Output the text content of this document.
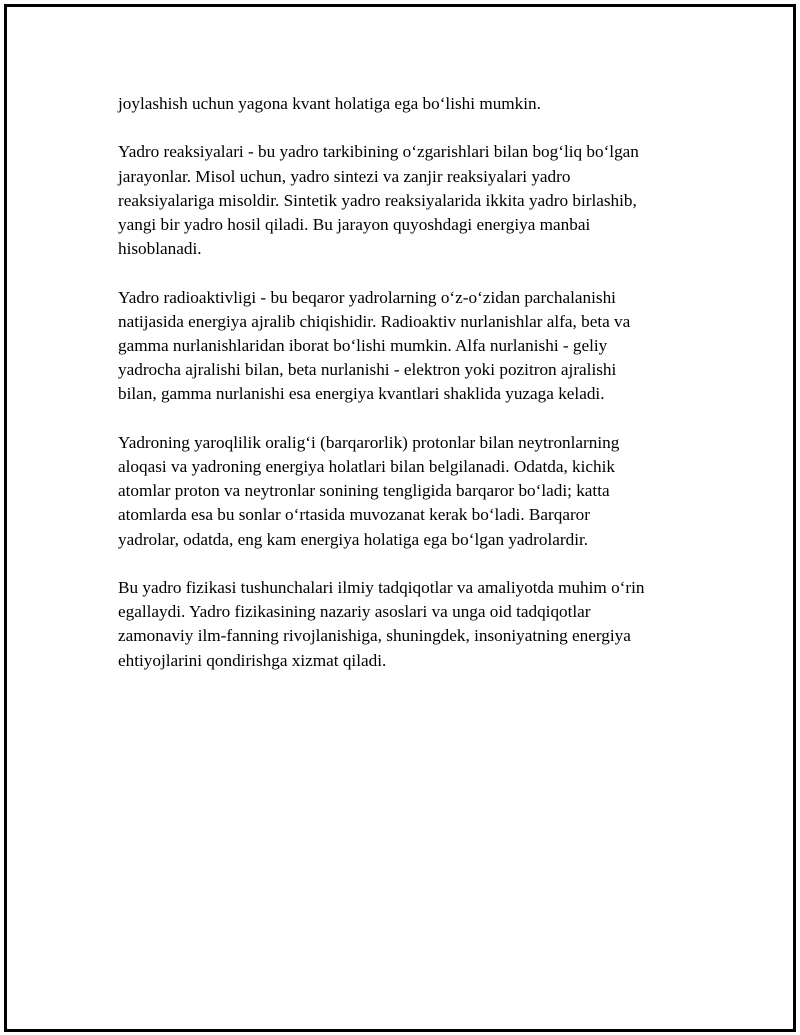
joylashish uchun yagona kvant holatiga ega bo‘lishi mumkin.

Yadro reaksiyalari - bu yadro tarkibining o‘zgarishlari bilan bog‘liq bo‘lgan
jarayonlar. Misol uchun, yadro sintezi va zanjir reaksiyalari yadro
reaksiyalariga misoldir. Sintetik yadro reaksiyalarida ikkita yadro birlashib,
yangi bir yadro hosil qiladi. Bu jarayon quyoshdagi energiya manbai
hisoblanadi.

Yadro radioaktivligi - bu beqaror yadrolarning o‘z-o‘zidan parchalanishi
natijasida energiya ajralib chiqishidir. Radioaktiv nurlanishlar alfa, beta va
gamma nurlanishlaridan iborat bo‘lishi mumkin. Alfa nurlanishi - geliy
yadrocha ajralishi bilan, beta nurlanishi - elektron yoki pozitron ajralishi
bilan, gamma nurlanishi esa energiya kvantlari shaklida yuzaga keladi.

Yadroning yaroqlilik oralig‘i (barqarorlik) protonlar bilan neytronlarning
aloqasi va yadroning energiya holatlari bilan belgilanadi. Odatda, kichik
atomlar proton va neytronlar sonining tengligida barqaror bo‘ladi; katta
atomlarda esa bu sonlar o‘rtasida muvozanat kerak bo‘ladi. Barqaror
yadrolar, odatda, eng kam energiya holatiga ega bo‘lgan yadrolardir.

Bu yadro fizikasi tushunchalari ilmiy tadqiqotlar va amaliyotda muhim o‘rin
egallaydi. Yadro fizikasining nazariy asoslari va unga oid tadqiqotlar
zamonaviy ilm-fanning rivojlanishiga, shuningdek, insoniyatning energiya
ehtiyojlarini qondirishga xizmat qiladi.
